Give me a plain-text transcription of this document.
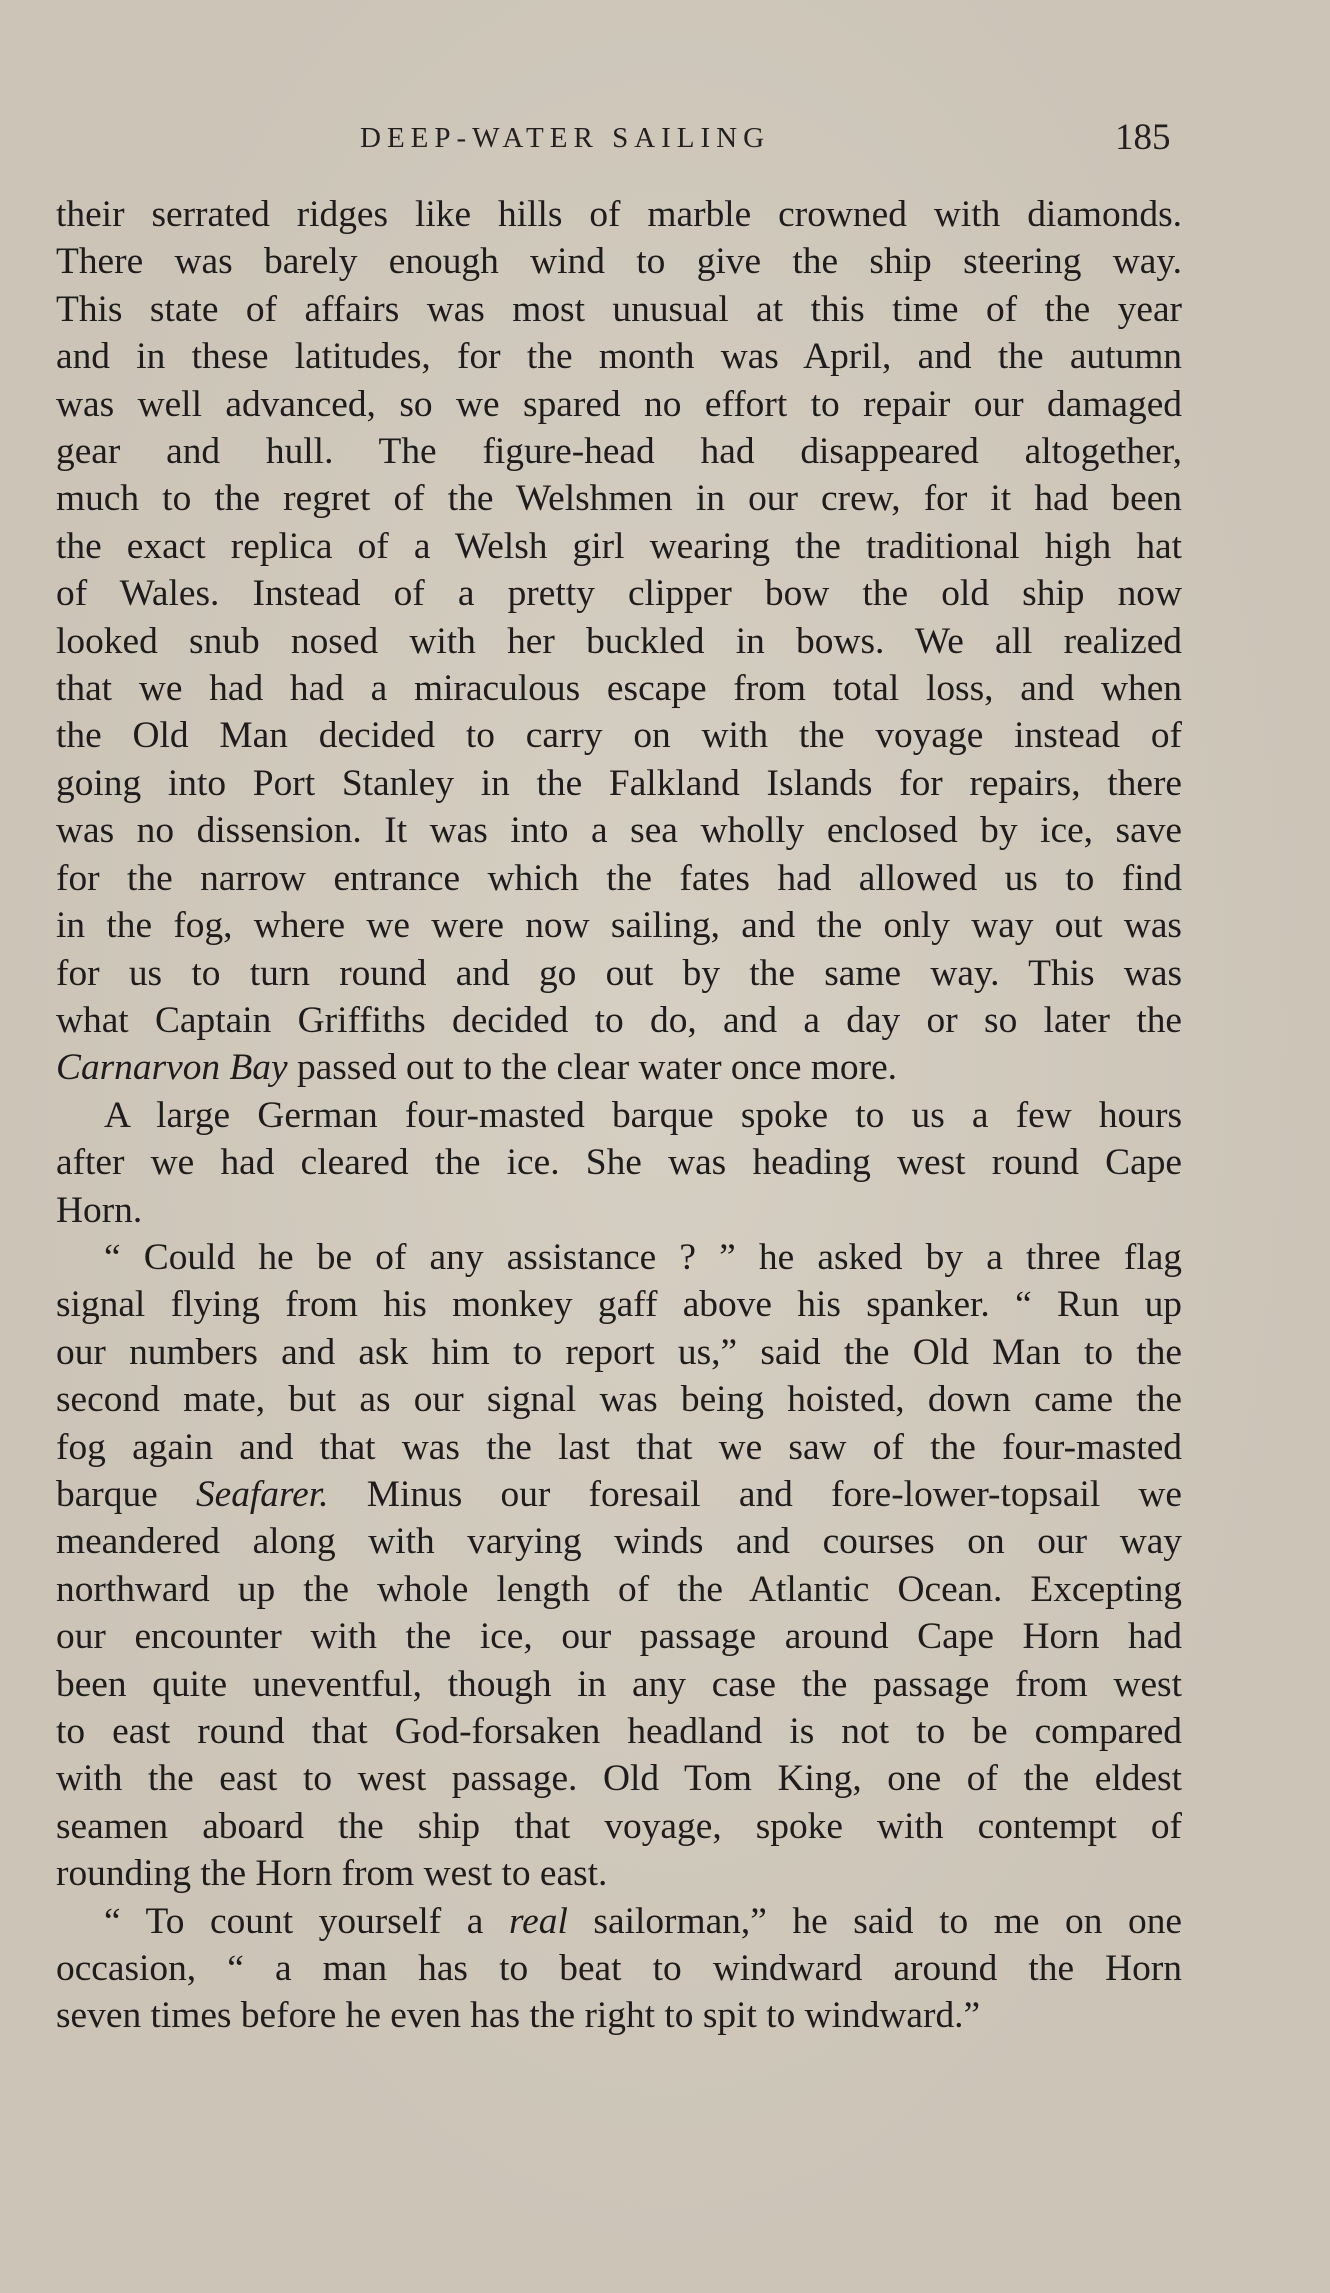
DEEP-WATER SAILING	185

their serrated ridges like hills of marble crowned with diamonds.
There was barely enough wind to give the ship steering way.
This state of affairs was most unusual at this time of the year
and in these latitudes, for the month was April, and the autumn
was well advanced, so we spared no effort to repair our damaged
gear and hull. The figure-head had disappeared altogether,
much to the regret of the Welshmen in our crew, for it had been
the exact replica of a Welsh girl wearing the traditional high hat
of Wales. Instead of a pretty clipper bow the old ship now
looked snub nosed with her buckled in bows. We all realized
that we had had a miraculous escape from total loss, and when
the Old Man decided to carry on with the voyage instead of
going into Port Stanley in the Falkland Islands for repairs, there
was no dissension. It was into a sea wholly enclosed by ice, save
for the narrow entrance which the fates had allowed us to find
in the fog, where we were now sailing, and the only way out was
for us to turn round and go out by the same way. This was
what Captain Griffiths decided to do, and a day or so later the
Carnarvon Bay passed out to the clear water once more.

A large German four-masted barque spoke to us a few hours
after we had cleared the ice. She was heading west round Cape
Horn.

“ Could he be of any assistance ? ” he asked by a three flag
signal flying from his monkey gaff above his spanker. “ Run up
our numbers and ask him to report us,” said the Old Man to the
second mate, but as our signal was being hoisted, down came the
fog again and that was the last that we saw of the four-masted
barque Seafarer. Minus our foresail and fore-lower-topsail we
meandered along with varying winds and courses on our way
northward up the whole length of the Atlantic Ocean. Excepting
our encounter with the ice, our passage around Cape Horn had
been quite uneventful, though in any case the passage from west
to east round that God-forsaken headland is not to be compared
with the east to west passage. Old Tom King, one of the eldest
seamen aboard the ship that voyage, spoke with contempt of
rounding the Horn from west to east.

“ To count yourself a real sailorman,” he said to me on one
occasion, “ a man has to beat to windward around the Horn
seven times before he even has the right to spit to windward.”
